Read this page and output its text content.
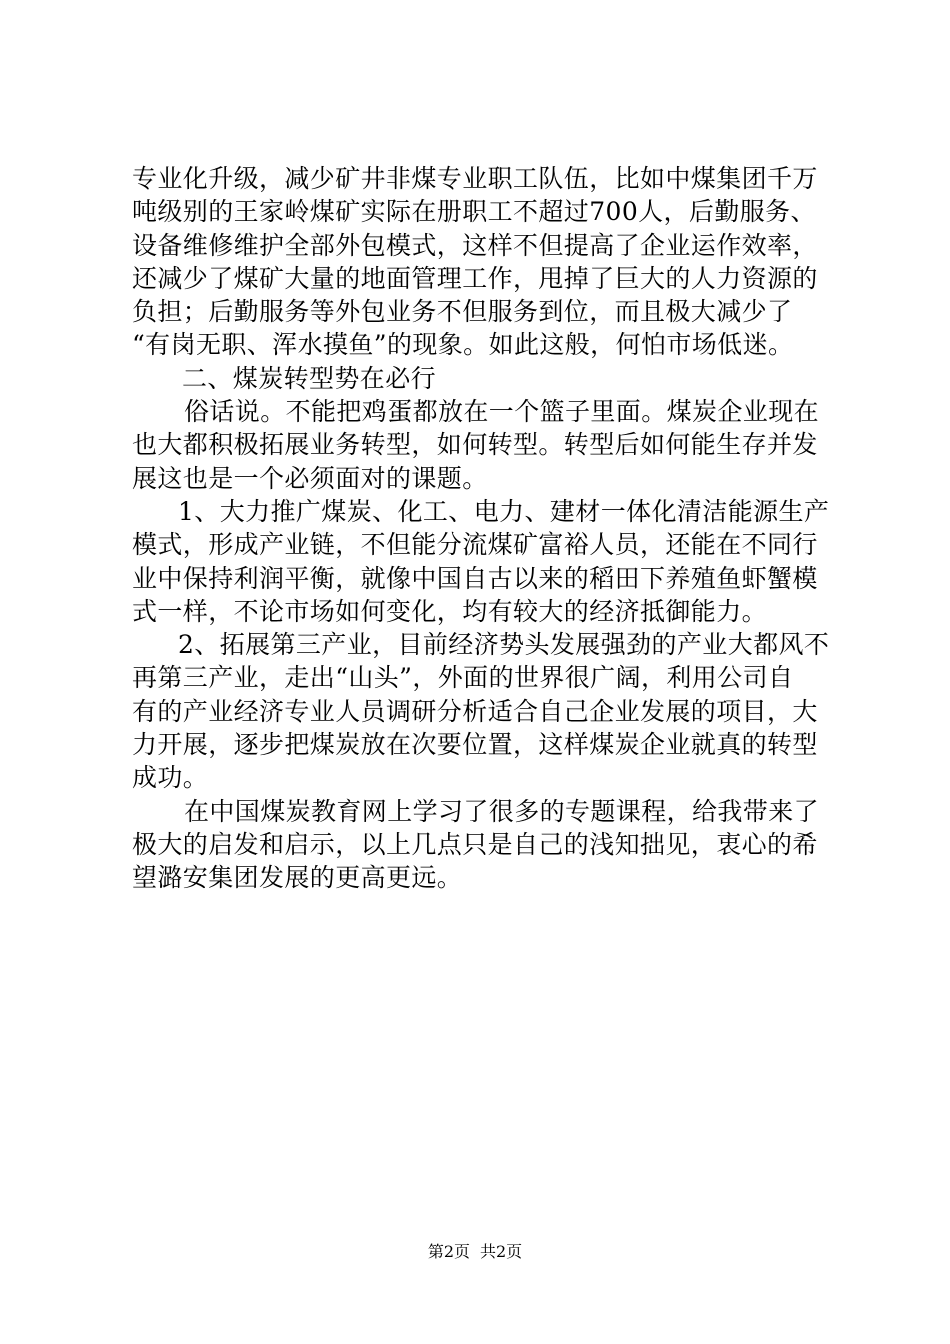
专业化升级，减少矿井非煤专业职工队伍，比如中煤集团千万
吨级别的王家岭煤矿实际在册职工不超过700人，后勤服务、
设备维修维护全部外包模式，这样不但提高了企业运作效率，
还减少了煤矿大量的地面管理工作，甩掉了巨大的人力资源的
负担；后勤服务等外包业务不但服务到位，而且极大减少了
“有岗无职、浑水摸鱼”的现象。如此这般，何怕市场低迷。
二、煤炭转型势在必行
俗话说。不能把鸡蛋都放在一个篮子里面。煤炭企业现在
也大都积极拓展业务转型，如何转型。转型后如何能生存并发
展这也是一个必须面对的课题。
1、大力推广煤炭、化工、电力、建材一体化清洁能源生产
模式，形成产业链，不但能分流煤矿富裕人员，还能在不同行
业中保持利润平衡，就像中国自古以来的稻田下养殖鱼虾蟹模
式一样，不论市场如何变化，均有较大的经济抵御能力。
2、拓展第三产业，目前经济势头发展强劲的产业大都风不
再第三产业，走出“山头”，外面的世界很广阔，利用公司自
有的产业经济专业人员调研分析适合自己企业发展的项目，大
力开展，逐步把煤炭放在次要位置，这样煤炭企业就真的转型
成功。
在中国煤炭教育网上学习了很多的专题课程，给我带来了
极大的启发和启示，以上几点只是自己的浅知拙见，衷心的希
望潞安集团发展的更高更远。
第2页 共2页
